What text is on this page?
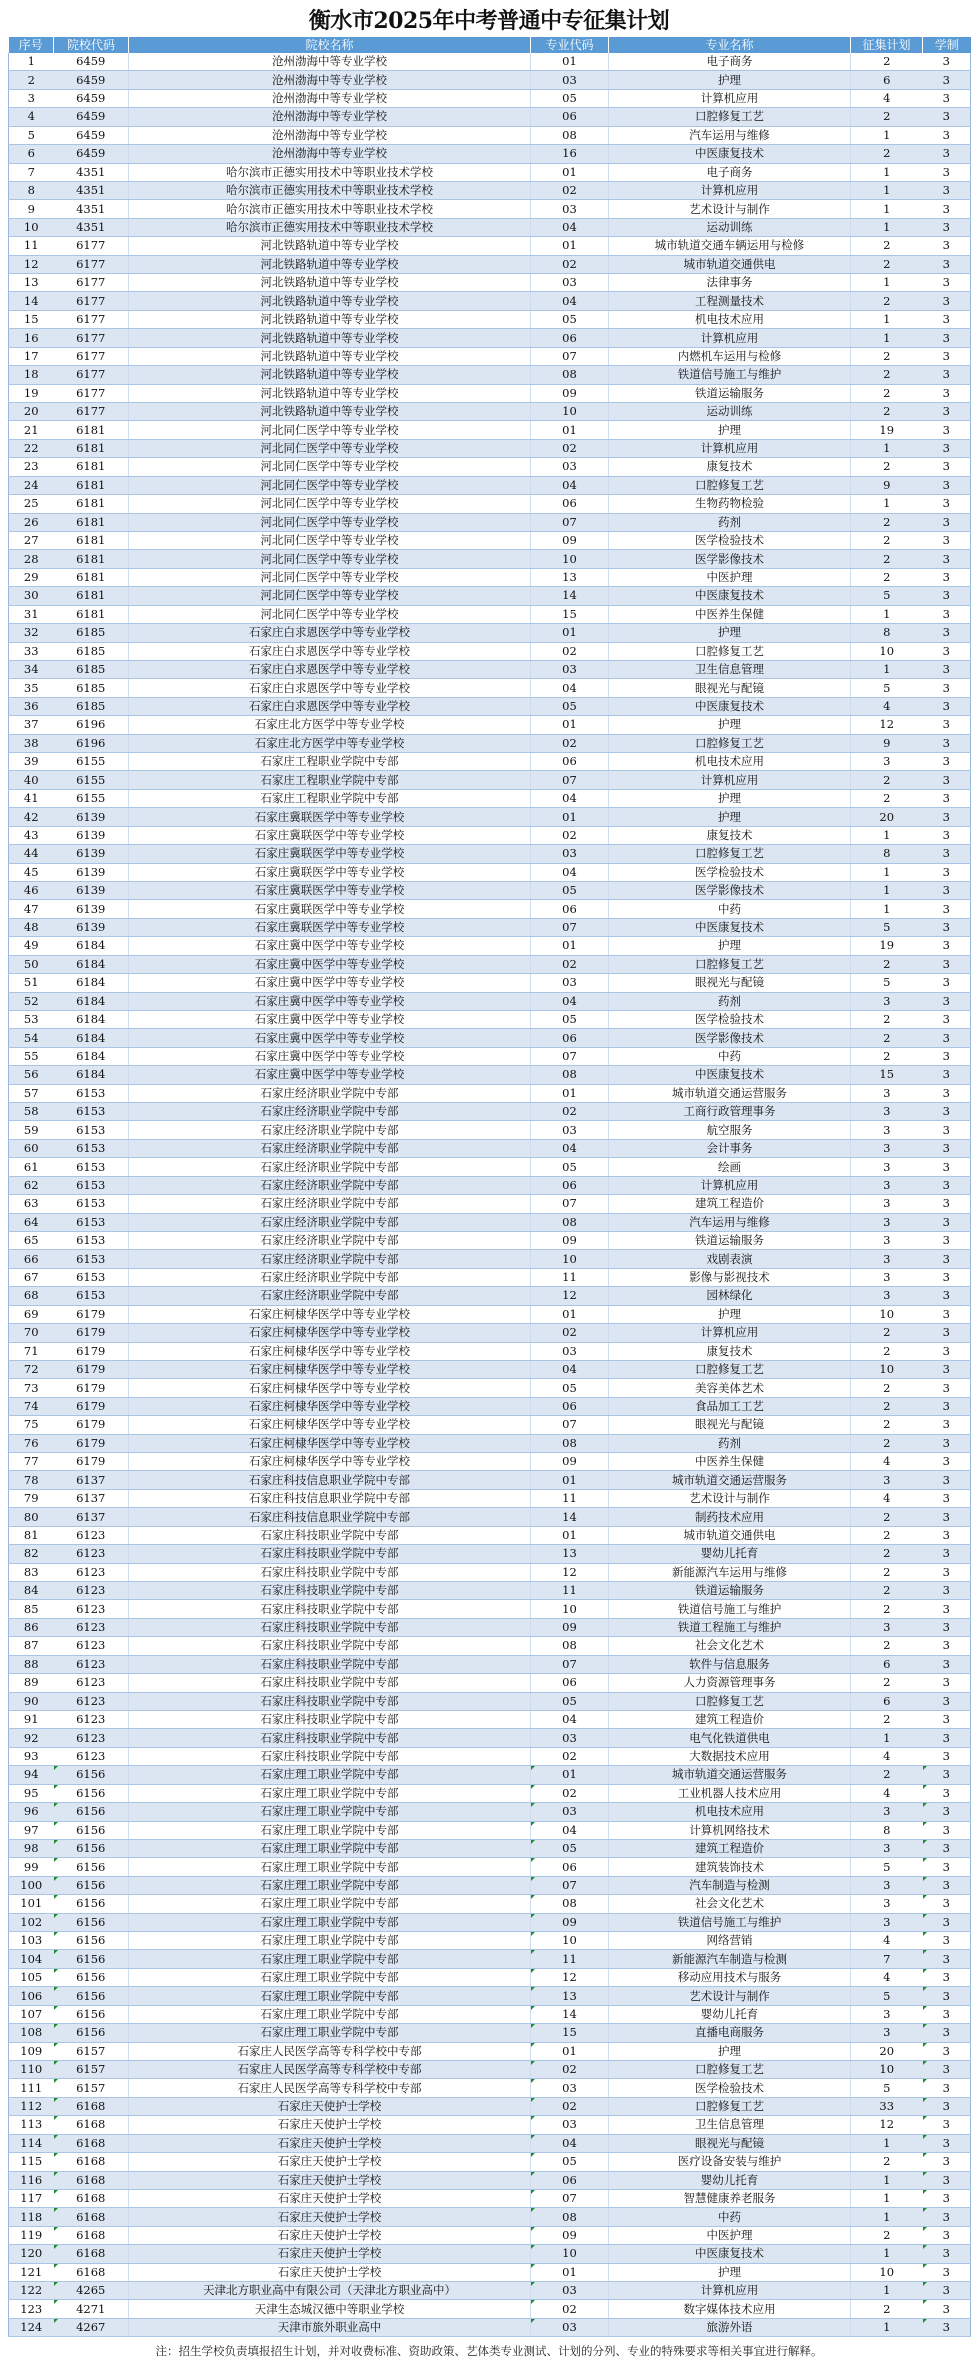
衡水市2025年中考普通中专征集计划
序号	院校代码	院校名称	专业代码	专业名称	征集计划	学制
1	6459	沧州渤海中等专业学校	01	电子商务	2	3
2	6459	沧州渤海中等专业学校	03	护理	6	3
3	6459	沧州渤海中等专业学校	05	计算机应用	4	3
4	6459	沧州渤海中等专业学校	06	口腔修复工艺	2	3
5	6459	沧州渤海中等专业学校	08	汽车运用与维修	1	3
6	6459	沧州渤海中等专业学校	16	中医康复技术	2	3
7	4351	哈尔滨市正德实用技术中等职业技术学校	01	电子商务	1	3
8	4351	哈尔滨市正德实用技术中等职业技术学校	02	计算机应用	1	3
9	4351	哈尔滨市正德实用技术中等职业技术学校	03	艺术设计与制作	1	3
10	4351	哈尔滨市正德实用技术中等职业技术学校	04	运动训练	1	3
11	6177	河北铁路轨道中等专业学校	01	城市轨道交通车辆运用与检修	2	3
12	6177	河北铁路轨道中等专业学校	02	城市轨道交通供电	2	3
13	6177	河北铁路轨道中等专业学校	03	法律事务	1	3
14	6177	河北铁路轨道中等专业学校	04	工程测量技术	2	3
15	6177	河北铁路轨道中等专业学校	05	机电技术应用	1	3
16	6177	河北铁路轨道中等专业学校	06	计算机应用	1	3
17	6177	河北铁路轨道中等专业学校	07	内燃机车运用与检修	2	3
18	6177	河北铁路轨道中等专业学校	08	铁道信号施工与维护	2	3
19	6177	河北铁路轨道中等专业学校	09	铁道运输服务	2	3
20	6177	河北铁路轨道中等专业学校	10	运动训练	2	3
21	6181	河北同仁医学中等专业学校	01	护理	19	3
22	6181	河北同仁医学中等专业学校	02	计算机应用	1	3
23	6181	河北同仁医学中等专业学校	03	康复技术	2	3
24	6181	河北同仁医学中等专业学校	04	口腔修复工艺	9	3
25	6181	河北同仁医学中等专业学校	06	生物药物检验	1	3
26	6181	河北同仁医学中等专业学校	07	药剂	2	3
27	6181	河北同仁医学中等专业学校	09	医学检验技术	2	3
28	6181	河北同仁医学中等专业学校	10	医学影像技术	2	3
29	6181	河北同仁医学中等专业学校	13	中医护理	2	3
30	6181	河北同仁医学中等专业学校	14	中医康复技术	5	3
31	6181	河北同仁医学中等专业学校	15	中医养生保健	1	3
32	6185	石家庄白求恩医学中等专业学校	01	护理	8	3
33	6185	石家庄白求恩医学中等专业学校	02	口腔修复工艺	10	3
34	6185	石家庄白求恩医学中等专业学校	03	卫生信息管理	1	3
35	6185	石家庄白求恩医学中等专业学校	04	眼视光与配镜	5	3
36	6185	石家庄白求恩医学中等专业学校	05	中医康复技术	4	3
37	6196	石家庄北方医学中等专业学校	01	护理	12	3
38	6196	石家庄北方医学中等专业学校	02	口腔修复工艺	9	3
39	6155	石家庄工程职业学院中专部	06	机电技术应用	3	3
40	6155	石家庄工程职业学院中专部	07	计算机应用	2	3
41	6155	石家庄工程职业学院中专部	04	护理	2	3
42	6139	石家庄冀联医学中等专业学校	01	护理	20	3
43	6139	石家庄冀联医学中等专业学校	02	康复技术	1	3
44	6139	石家庄冀联医学中等专业学校	03	口腔修复工艺	8	3
45	6139	石家庄冀联医学中等专业学校	04	医学检验技术	1	3
46	6139	石家庄冀联医学中等专业学校	05	医学影像技术	1	3
47	6139	石家庄冀联医学中等专业学校	06	中药	1	3
48	6139	石家庄冀联医学中等专业学校	07	中医康复技术	5	3
49	6184	石家庄冀中医学中等专业学校	01	护理	19	3
50	6184	石家庄冀中医学中等专业学校	02	口腔修复工艺	2	3
51	6184	石家庄冀中医学中等专业学校	03	眼视光与配镜	5	3
52	6184	石家庄冀中医学中等专业学校	04	药剂	3	3
53	6184	石家庄冀中医学中等专业学校	05	医学检验技术	2	3
54	6184	石家庄冀中医学中等专业学校	06	医学影像技术	2	3
55	6184	石家庄冀中医学中等专业学校	07	中药	2	3
56	6184	石家庄冀中医学中等专业学校	08	中医康复技术	15	3
57	6153	石家庄经济职业学院中专部	01	城市轨道交通运营服务	3	3
58	6153	石家庄经济职业学院中专部	02	工商行政管理事务	3	3
59	6153	石家庄经济职业学院中专部	03	航空服务	3	3
60	6153	石家庄经济职业学院中专部	04	会计事务	3	3
61	6153	石家庄经济职业学院中专部	05	绘画	3	3
62	6153	石家庄经济职业学院中专部	06	计算机应用	3	3
63	6153	石家庄经济职业学院中专部	07	建筑工程造价	3	3
64	6153	石家庄经济职业学院中专部	08	汽车运用与维修	3	3
65	6153	石家庄经济职业学院中专部	09	铁道运输服务	3	3
66	6153	石家庄经济职业学院中专部	10	戏剧表演	3	3
67	6153	石家庄经济职业学院中专部	11	影像与影视技术	3	3
68	6153	石家庄经济职业学院中专部	12	园林绿化	3	3
69	6179	石家庄柯棣华医学中等专业学校	01	护理	10	3
70	6179	石家庄柯棣华医学中等专业学校	02	计算机应用	2	3
71	6179	石家庄柯棣华医学中等专业学校	03	康复技术	2	3
72	6179	石家庄柯棣华医学中等专业学校	04	口腔修复工艺	10	3
73	6179	石家庄柯棣华医学中等专业学校	05	美容美体艺术	2	3
74	6179	石家庄柯棣华医学中等专业学校	06	食品加工工艺	2	3
75	6179	石家庄柯棣华医学中等专业学校	07	眼视光与配镜	2	3
76	6179	石家庄柯棣华医学中等专业学校	08	药剂	2	3
77	6179	石家庄柯棣华医学中等专业学校	09	中医养生保健	4	3
78	6137	石家庄科技信息职业学院中专部	01	城市轨道交通运营服务	3	3
79	6137	石家庄科技信息职业学院中专部	11	艺术设计与制作	4	3
80	6137	石家庄科技信息职业学院中专部	14	制药技术应用	2	3
81	6123	石家庄科技职业学院中专部	01	城市轨道交通供电	2	3
82	6123	石家庄科技职业学院中专部	13	婴幼儿托育	2	3
83	6123	石家庄科技职业学院中专部	12	新能源汽车运用与维修	2	3
84	6123	石家庄科技职业学院中专部	11	铁道运输服务	2	3
85	6123	石家庄科技职业学院中专部	10	铁道信号施工与维护	2	3
86	6123	石家庄科技职业学院中专部	09	铁道工程施工与维护	3	3
87	6123	石家庄科技职业学院中专部	08	社会文化艺术	2	3
88	6123	石家庄科技职业学院中专部	07	软件与信息服务	6	3
89	6123	石家庄科技职业学院中专部	06	人力资源管理事务	2	3
90	6123	石家庄科技职业学院中专部	05	口腔修复工艺	6	3
91	6123	石家庄科技职业学院中专部	04	建筑工程造价	2	3
92	6123	石家庄科技职业学院中专部	03	电气化铁道供电	1	3
93	6123	石家庄科技职业学院中专部	02	大数据技术应用	4	3
94	6156	石家庄理工职业学院中专部	01	城市轨道交通运营服务	2	3
95	6156	石家庄理工职业学院中专部	02	工业机器人技术应用	4	3
96	6156	石家庄理工职业学院中专部	03	机电技术应用	3	3
97	6156	石家庄理工职业学院中专部	04	计算机网络技术	8	3
98	6156	石家庄理工职业学院中专部	05	建筑工程造价	3	3
99	6156	石家庄理工职业学院中专部	06	建筑装饰技术	5	3
100	6156	石家庄理工职业学院中专部	07	汽车制造与检测	3	3
101	6156	石家庄理工职业学院中专部	08	社会文化艺术	3	3
102	6156	石家庄理工职业学院中专部	09	铁道信号施工与维护	3	3
103	6156	石家庄理工职业学院中专部	10	网络营销	4	3
104	6156	石家庄理工职业学院中专部	11	新能源汽车制造与检测	7	3
105	6156	石家庄理工职业学院中专部	12	移动应用技术与服务	4	3
106	6156	石家庄理工职业学院中专部	13	艺术设计与制作	5	3
107	6156	石家庄理工职业学院中专部	14	婴幼儿托育	3	3
108	6156	石家庄理工职业学院中专部	15	直播电商服务	3	3
109	6157	石家庄人民医学高等专科学校中专部	01	护理	20	3
110	6157	石家庄人民医学高等专科学校中专部	02	口腔修复工艺	10	3
111	6157	石家庄人民医学高等专科学校中专部	03	医学检验技术	5	3
112	6168	石家庄天使护士学校	02	口腔修复工艺	33	3
113	6168	石家庄天使护士学校	03	卫生信息管理	12	3
114	6168	石家庄天使护士学校	04	眼视光与配镜	1	3
115	6168	石家庄天使护士学校	05	医疗设备安装与维护	2	3
116	6168	石家庄天使护士学校	06	婴幼儿托育	1	3
117	6168	石家庄天使护士学校	07	智慧健康养老服务	1	3
118	6168	石家庄天使护士学校	08	中药	1	3
119	6168	石家庄天使护士学校	09	中医护理	2	3
120	6168	石家庄天使护士学校	10	中医康复技术	1	3
121	6168	石家庄天使护士学校	01	护理	10	3
122	4265	天津北方职业高中有限公司（天津北方职业高中）	03	计算机应用	1	3
123	4271	天津生态城汉德中等职业学校	02	数字媒体技术应用	2	3
124	4267	天津市旅外职业高中	03	旅游外语	1	3
注：招生学校负责填报招生计划，并对收费标准、资助政策、艺体类专业测试、计划的分列、专业的特殊要求等相关事宜进行解释。
